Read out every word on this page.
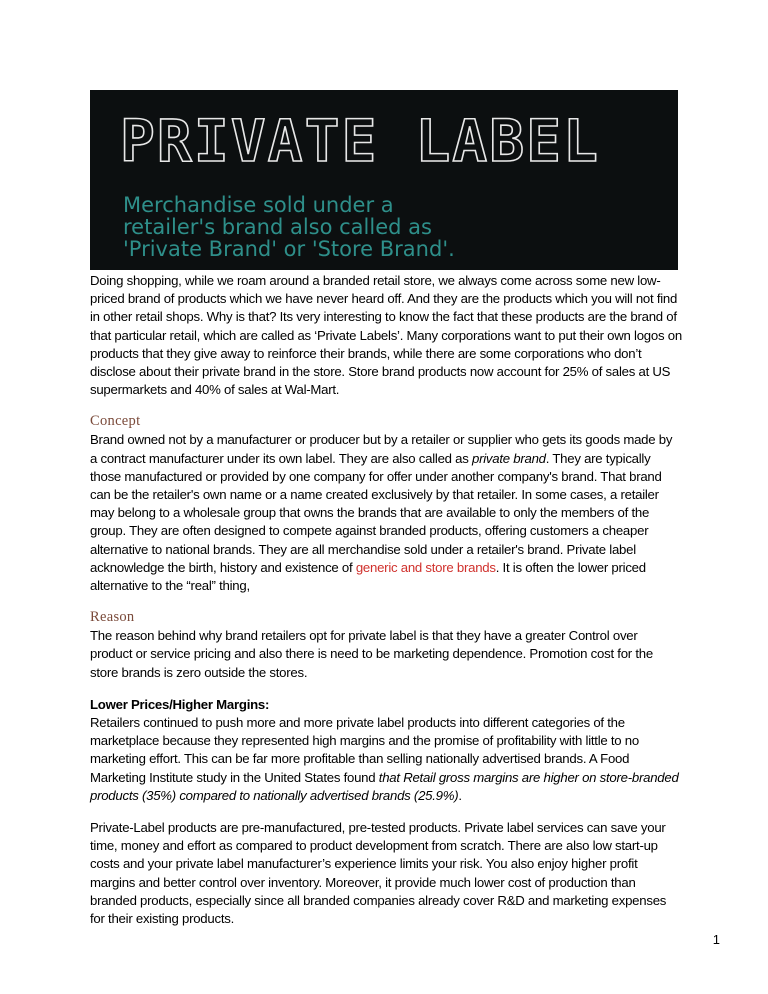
PRIVATE LABEL
Merchandise sold under a
retailer's brand also called as
'Private Brand' or 'Store Brand'.

Doing shopping, while we roam around a branded retail store, we always come across some new low-priced brand of products which we have never heard off. And they are the products which you will not find in other retail shops. Why is that? Its very interesting to know the fact that these products are the brand of that particular retail, which are called as ‘Private Labels’. Many corporations want to put their own logos on products that they give away to reinforce their brands, while there are some corporations who don’t disclose about their private brand in the store. Store brand products now account for 25% of sales at US supermarkets and 40% of sales at Wal-Mart.

Concept

Brand owned not by a manufacturer or producer but by a retailer or supplier who gets its goods made by a contract manufacturer under its own label. They are also called as private brand. They are typically those manufactured or provided by one company for offer under another company's brand. That brand can be the retailer's own name or a name created exclusively by that retailer. In some cases, a retailer may belong to a wholesale group that owns the brands that are available to only the members of the group. They are often designed to compete against branded products, offering customers a cheaper alternative to national brands. They are all merchandise sold under a retailer's brand. Private label acknowledge the birth, history and existence of generic and store brands. It is often the lower priced alternative to the “real” thing,

Reason

The reason behind why brand retailers opt for private label is that they have a greater Control over product or service pricing and also there is need to be marketing dependence. Promotion cost for the store brands is zero outside the stores.

Lower Prices/Higher Margins:

Retailers continued to push more and more private label products into different categories of the marketplace because they represented high margins and the promise of profitability with little to no marketing effort. This can be far more profitable than selling nationally advertised brands. A Food Marketing Institute study in the United States found that Retail gross margins are higher on store-branded products (35%) compared to nationally advertised brands (25.9%).

Private-Label products are pre-manufactured, pre-tested products. Private label services can save your time, money and effort as compared to product development from scratch. There are also low start-up costs and your private label manufacturer’s experience limits your risk. You also enjoy higher profit margins and better control over inventory. Moreover, it provide much lower cost of production than branded products, especially since all branded companies already cover R&D and marketing expenses for their existing products.

1
